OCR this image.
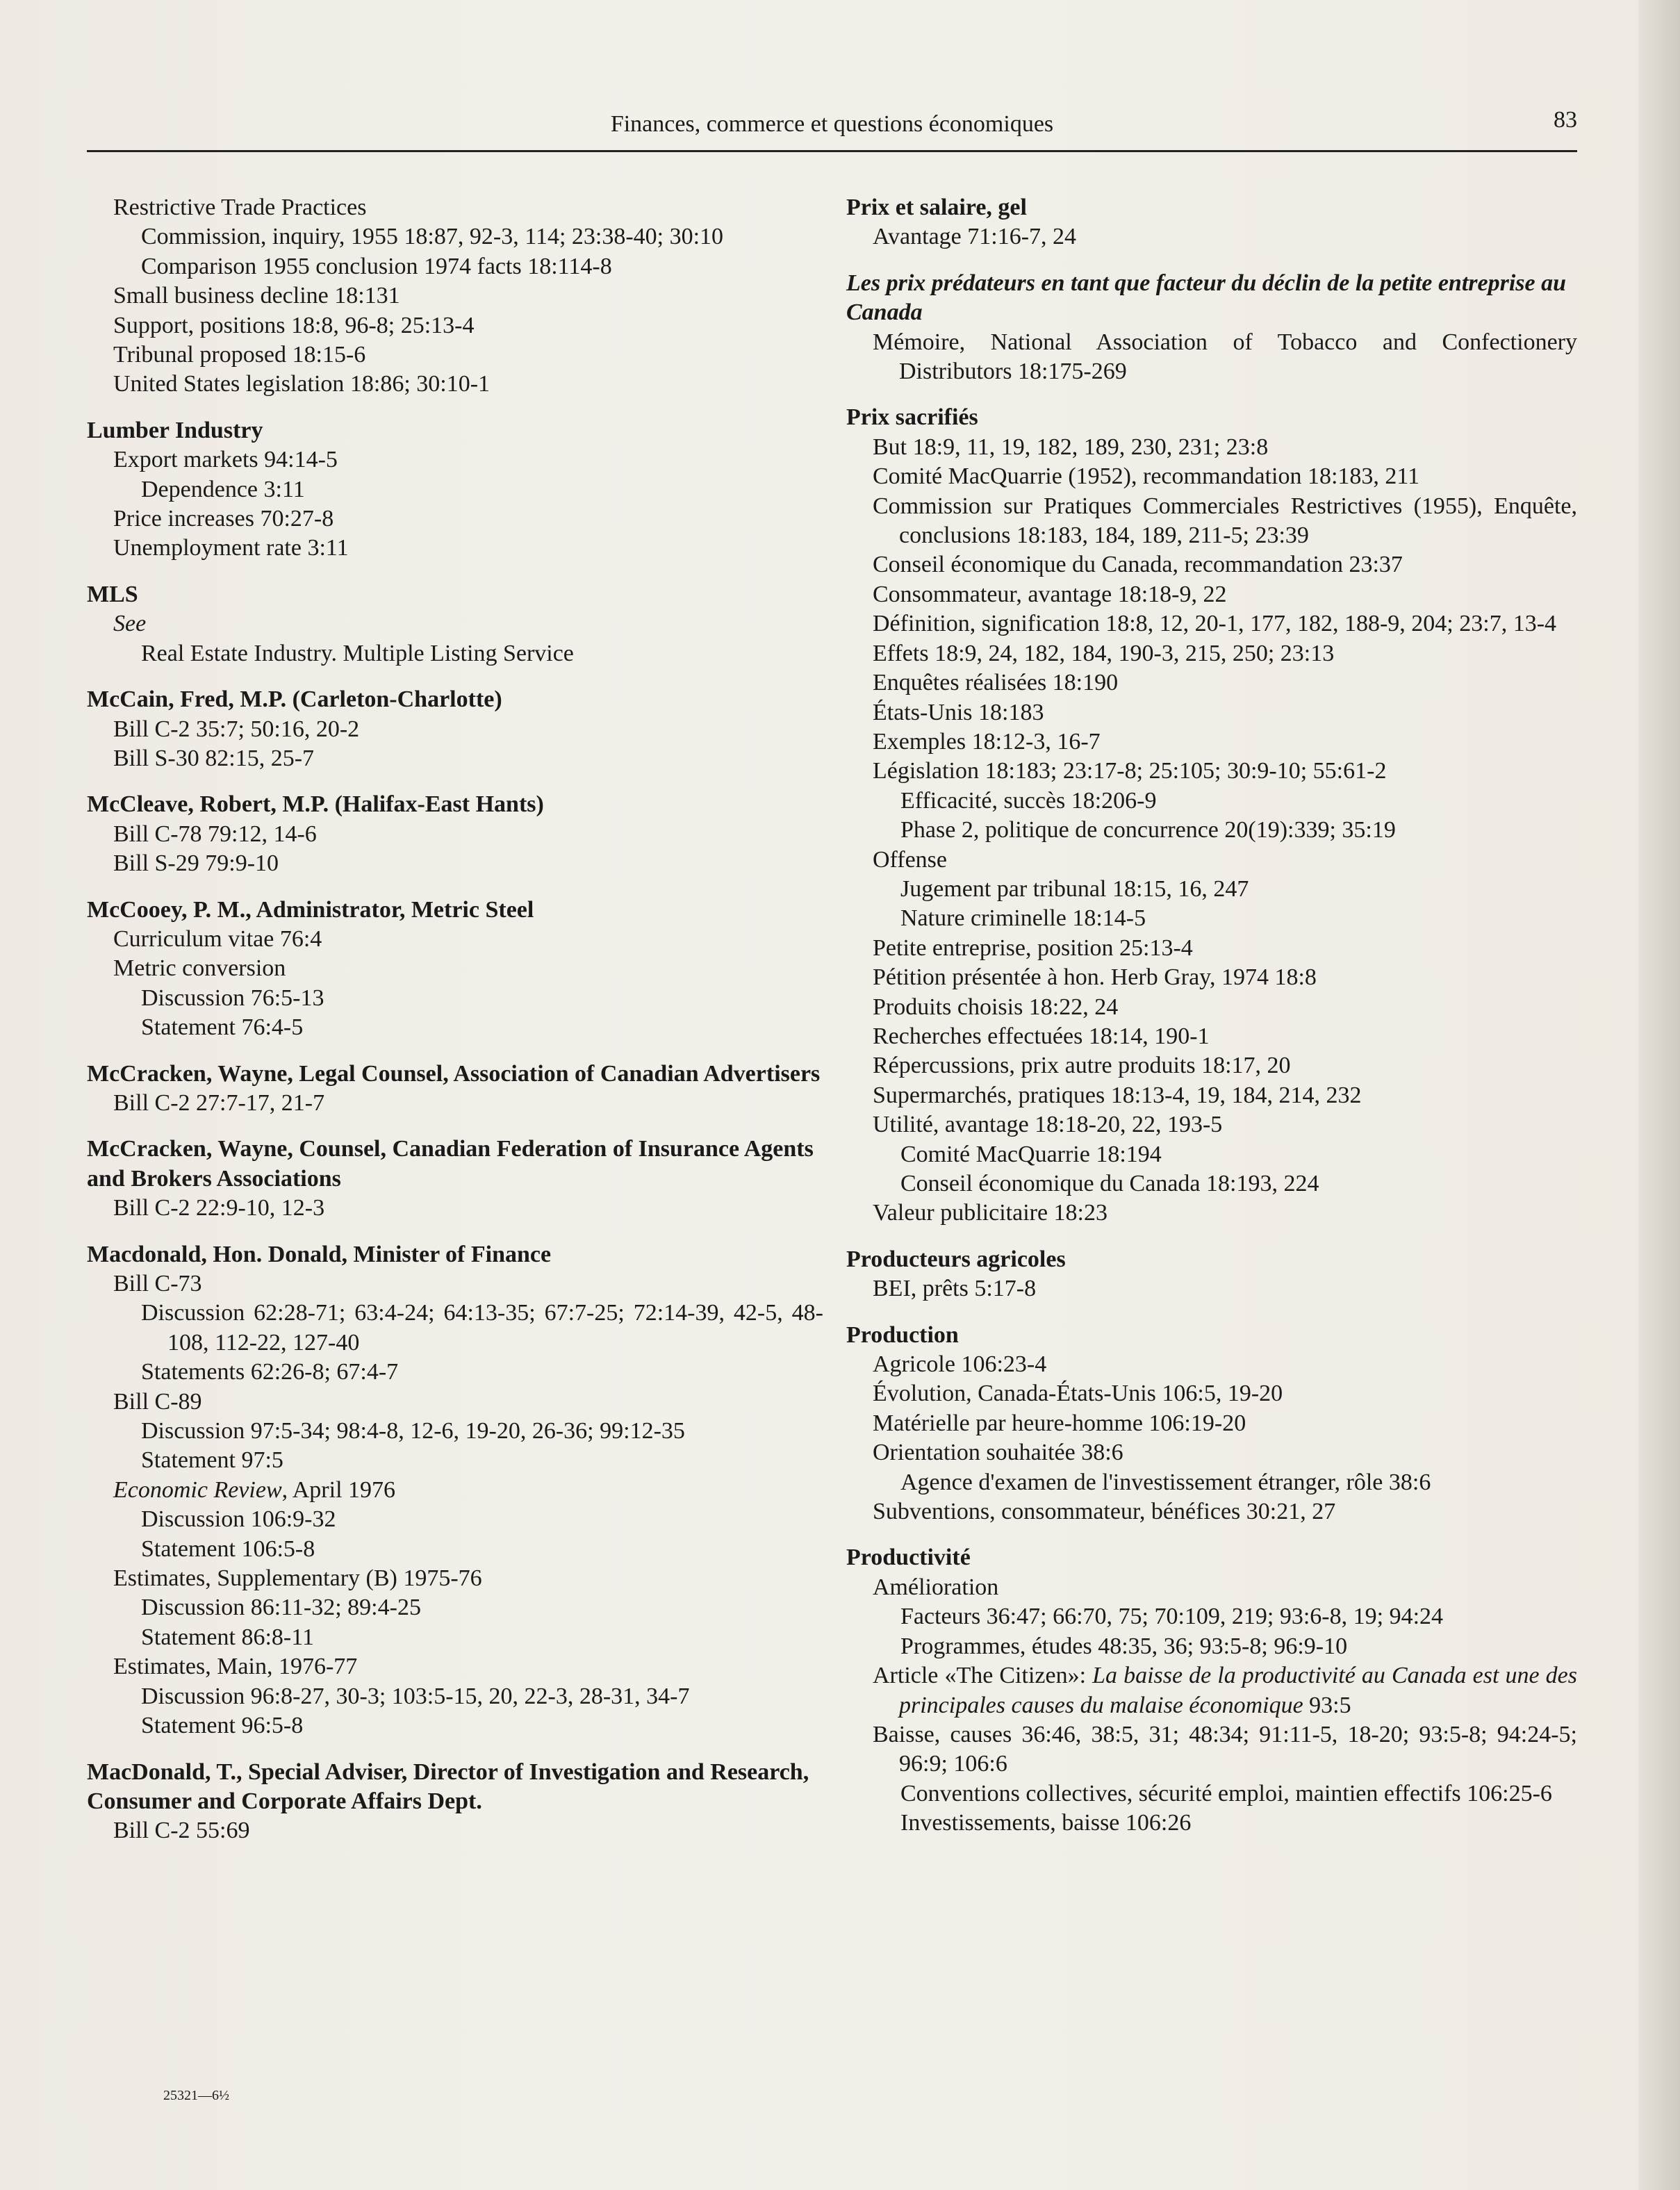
Finances, commerce et questions économiques	83
Restrictive Trade Practices
Commission, inquiry, 1955 18:87, 92-3, 114; 23:38-40; 30:10
Comparison 1955 conclusion 1974 facts 18:114-8
Small business decline 18:131
Support, positions 18:8, 96-8; 25:13-4
Tribunal proposed 18:15-6
United States legislation 18:86; 30:10-1
Lumber Industry
Export markets 94:14-5
Dependence 3:11
Price increases 70:27-8
Unemployment rate 3:11
MLS
See
Real Estate Industry. Multiple Listing Service
McCain, Fred, M.P. (Carleton-Charlotte)
Bill C-2 35:7; 50:16, 20-2
Bill S-30 82:15, 25-7
McCleave, Robert, M.P. (Halifax-East Hants)
Bill C-78 79:12, 14-6
Bill S-29 79:9-10
McCooey, P. M., Administrator, Metric Steel
Curriculum vitae 76:4
Metric conversion
Discussion 76:5-13
Statement 76:4-5
McCracken, Wayne, Legal Counsel, Association of Canadian Advertisers
Bill C-2 27:7-17, 21-7
McCracken, Wayne, Counsel, Canadian Federation of Insurance Agents and Brokers Associations
Bill C-2 22:9-10, 12-3
Macdonald, Hon. Donald, Minister of Finance
Bill C-73
Discussion 62:28-71; 63:4-24; 64:13-35; 67:7-25; 72:14-39, 42-5, 48-108, 112-22, 127-40
Statements 62:26-8; 67:4-7
Bill C-89
Discussion 97:5-34; 98:4-8, 12-6, 19-20, 26-36; 99:12-35
Statement 97:5
Economic Review, April 1976
Discussion 106:9-32
Statement 106:5-8
Estimates, Supplementary (B) 1975-76
Discussion 86:11-32; 89:4-25
Statement 86:8-11
Estimates, Main, 1976-77
Discussion 96:8-27, 30-3; 103:5-15, 20, 22-3, 28-31, 34-7
Statement 96:5-8
MacDonald, T., Special Adviser, Director of Investigation and Research, Consumer and Corporate Affairs Dept.
Bill C-2 55:69
Prix et salaire, gel
Avantage 71:16-7, 24
Les prix prédateurs en tant que facteur du déclin de la petite entreprise au Canada
Mémoire, National Association of Tobacco and Confectionery Distributors 18:175-269
Prix sacrifiés
But 18:9, 11, 19, 182, 189, 230, 231; 23:8
Comité MacQuarrie (1952), recommandation 18:183, 211
Commission sur Pratiques Commerciales Restrictives (1955), Enquête, conclusions 18:183, 184, 189, 211-5; 23:39
Conseil économique du Canada, recommandation 23:37
Consommateur, avantage 18:18-9, 22
Définition, signification 18:8, 12, 20-1, 177, 182, 188-9, 204; 23:7, 13-4
Effets 18:9, 24, 182, 184, 190-3, 215, 250; 23:13
Enquêtes réalisées 18:190
États-Unis 18:183
Exemples 18:12-3, 16-7
Législation 18:183; 23:17-8; 25:105; 30:9-10; 55:61-2
Efficacité, succès 18:206-9
Phase 2, politique de concurrence 20(19):339; 35:19
Offense
Jugement par tribunal 18:15, 16, 247
Nature criminelle 18:14-5
Petite entreprise, position 25:13-4
Pétition présentée à hon. Herb Gray, 1974 18:8
Produits choisis 18:22, 24
Recherches effectuées 18:14, 190-1
Répercussions, prix autre produits 18:17, 20
Supermarchés, pratiques 18:13-4, 19, 184, 214, 232
Utilité, avantage 18:18-20, 22, 193-5
Comité MacQuarrie 18:194
Conseil économique du Canada 18:193, 224
Valeur publicitaire 18:23
Producteurs agricoles
BEI, prêts 5:17-8
Production
Agricole 106:23-4
Évolution, Canada-États-Unis 106:5, 19-20
Matérielle par heure-homme 106:19-20
Orientation souhaitée 38:6
Agence d'examen de l'investissement étranger, rôle 38:6
Subventions, consommateur, bénéfices 30:21, 27
Productivité
Amélioration
Facteurs 36:47; 66:70, 75; 70:109, 219; 93:6-8, 19; 94:24
Programmes, études 48:35, 36; 93:5-8; 96:9-10
Article «The Citizen»: La baisse de la productivité au Canada est une des principales causes du malaise économique 93:5
Baisse, causes 36:46, 38:5, 31; 48:34; 91:11-5, 18-20; 93:5-8; 94:24-5; 96:9; 106:6
Conventions collectives, sécurité emploi, maintien effectifs 106:25-6
Investissements, baisse 106:26
25321—6½
